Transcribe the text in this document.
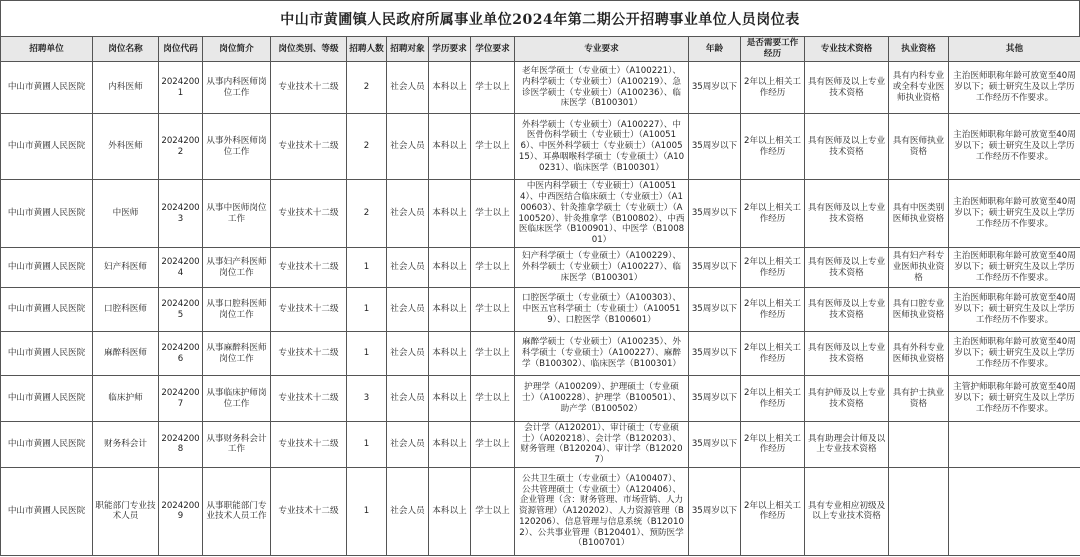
中山市黄圃镇人民政府所属事业单位2024年第二期公开招聘事业单位人员岗位表
招聘单位	岗位名称	岗位代码	岗位简介	岗位类别、等级	招聘人数	招聘对象	学历要求	学位要求	专业要求	年龄	是否需要工作经历	专业技术资格	执业资格	其他
中山市黄圃人民医院	内科医师	20242001	从事内科医师岗位工作	专业技术十二级	2	社会人员	本科以上	学士以上	老年医学硕士（专业硕士）（A100221）、内科学硕士（专业硕士）（A100219）、急诊医学硕士（专业硕士）（A100236）、临床医学（B100301）	35周岁以下	2年以上相关工作经历	具有医师及以上专业技术资格	具有内科专业或全科专业医师执业资格	主治医师职称年龄可放宽至40周岁以下；硕士研究生及以上学历工作经历不作要求。
中山市黄圃人民医院	外科医师	20242002	从事外科医师岗位工作	专业技术十二级	2	社会人员	本科以上	学士以上	外科学硕士（专业硕士）（A100227）、中医骨伤科学硕士（专业硕士）（A100516）、中医外科学硕士（专业硕士）（A100515）、耳鼻咽喉科学硕士（专业硕士）（A100231）、临床医学（B100301）	35周岁以下	2年以上相关工作经历	具有医师及以上专业技术资格	具有医师执业资格	主治医师职称年龄可放宽至40周岁以下；硕士研究生及以上学历工作经历不作要求。
中山市黄圃人民医院	中医师	20242003	从事中医师岗位工作	专业技术十二级	2	社会人员	本科以上	学士以上	中医内科学硕士（专业硕士）（A100514）、中西医结合临床硕士（专业硕士）（A100603）、针灸推拿学硕士（专业硕士）（A100520）、针灸推拿学（B100802）、中西医临床医学（B100901）、中医学（B100801）	35周岁以下	2年以上相关工作经历	具有医师及以上专业技术资格	具有中医类别医师执业资格	主治医师职称年龄可放宽至40周岁以下；硕士研究生及以上学历工作经历不作要求。
中山市黄圃人民医院	妇产科医师	20242004	从事妇产科医师岗位工作	专业技术十二级	1	社会人员	本科以上	学士以上	妇产科学硕士（专业硕士）（A100229）、外科学硕士（专业硕士）（A100227）、临床医学（B100301）	35周岁以下	2年以上相关工作经历	具有医师及以上专业技术资格	具有妇产科专业医师执业资格	主治医师职称年龄可放宽至40周岁以下；硕士研究生及以上学历工作经历不作要求。
中山市黄圃人民医院	口腔科医师	20242005	从事口腔科医师岗位工作	专业技术十二级	1	社会人员	本科以上	学士以上	口腔医学硕士（专业硕士）（A100303）、中医五官科学硕士（专业硕士）（A100519）、口腔医学（B100601）	35周岁以下	2年以上相关工作经历	具有医师及以上专业技术资格	具有口腔专业医师执业资格	主治医师职称年龄可放宽至40周岁以下；硕士研究生及以上学历工作经历不作要求。
中山市黄圃人民医院	麻醉科医师	20242006	从事麻醉科医师岗位工作	专业技术十二级	1	社会人员	本科以上	学士以上	麻醉学硕士（专业硕士）（A100235）、外科学硕士（专业硕士）（A100227）、麻醉学（B100302）、临床医学（B100301）	35周岁以下	2年以上相关工作经历	具有医师及以上专业技术资格	具有外科专业医师执业资格	主治医师职称年龄可放宽至40周岁以下；硕士研究生及以上学历工作经历不作要求。
中山市黄圃人民医院	临床护师	20242007	从事临床护师岗位工作	专业技术十二级	3	社会人员	本科以上	学士以上	护理学（A100209）、护理硕士（专业硕士）（A100228）、护理学（B100501）、助产学（B100502）	35周岁以下	2年以上相关工作经历	具有护师及以上专业技术资格	具有护士执业资格	主管护师职称年龄可放宽至40周岁以下；硕士研究生及以上学历工作经历不作要求。
中山市黄圃人民医院	财务科会计	20242008	从事财务科会计工作	专业技术十二级	1	社会人员	本科以上	学士以上	会计学（A120201）、审计硕士（专业硕士）（A020218）、会计学（B120203）、财务管理（B120204）、审计学（B120207）	35周岁以下	2年以上相关工作经历	具有助理会计师及以上专业技术资格		
中山市黄圃人民医院	职能部门专业技术人员	20242009	从事职能部门专业技术人员工作	专业技术十二级	1	社会人员	本科以上	学士以上	公共卫生硕士（专业硕士）（A100407）、公共管理硕士（专业硕士）（A120406）、企业管理（含：财务管理、市场营销、人力资源管理）（A120202）、人力资源管理（B120206）、信息管理与信息系统（B120102）、公共事业管理（B120401）、预防医学（B100701）	35周岁以下	2年以上相关工作经历	具有专业相应初级及以上专业技术资格		
